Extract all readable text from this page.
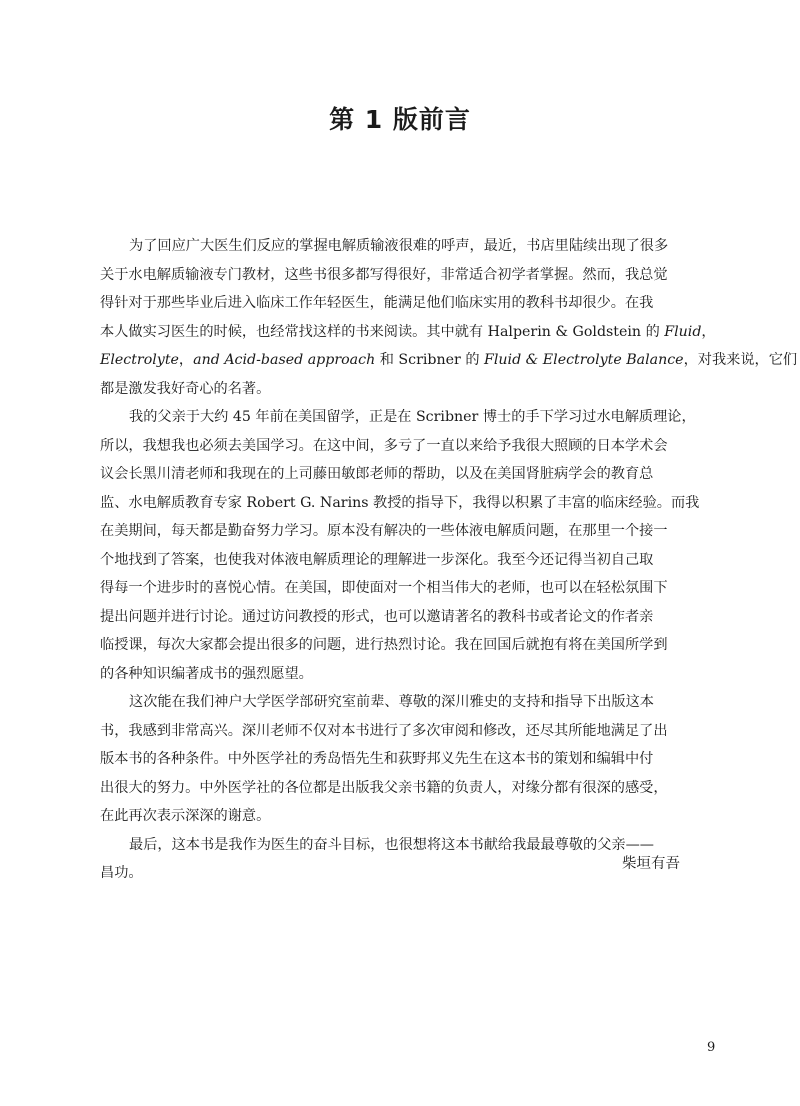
第 1 版前言
为了回应广大医生们反应的掌握电解质输液很难的呼声，最近，书店里陆续出现了很多
关于水电解质输液专门教材，这些书很多都写得很好，非常适合初学者掌握。然而，我总觉
得针对于那些毕业后进入临床工作年轻医生，能满足他们临床实用的教科书却很少。在我
本人做实习医生的时候，也经常找这样的书来阅读。其中就有 Halperin & Goldstein 的 Fluid，
Electrolyte，and Acid-based approach 和 Scribner 的 Fluid & Electrolyte Balance，对我来说，它们
都是激发我好奇心的名著。
我的父亲于大约 45 年前在美国留学，正是在 Scribner 博士的手下学习过水电解质理论，
所以，我想我也必须去美国学习。在这中间，多亏了一直以来给予我很大照顾的日本学术会
议会长黑川清老师和我现在的上司藤田敏郎老师的帮助，以及在美国肾脏病学会的教育总
监、水电解质教育专家 Robert G. Narins 教授的指导下，我得以积累了丰富的临床经验。而我
在美期间，每天都是勤奋努力学习。原本没有解决的一些体液电解质问题，在那里一个接一
个地找到了答案，也使我对体液电解质理论的理解进一步深化。我至今还记得当初自己取
得每一个进步时的喜悦心情。在美国，即使面对一个相当伟大的老师，也可以在轻松氛围下
提出问题并进行讨论。通过访问教授的形式，也可以邀请著名的教科书或者论文的作者亲
临授课，每次大家都会提出很多的问题，进行热烈讨论。我在回国后就抱有将在美国所学到
的各种知识编著成书的强烈愿望。
这次能在我们神户大学医学部研究室前辈、尊敬的深川雅史的支持和指导下出版这本
书，我感到非常高兴。深川老师不仅对本书进行了多次审阅和修改，还尽其所能地满足了出
版本书的各种条件。中外医学社的秀岛悟先生和荻野邦义先生在这本书的策划和编辑中付
出很大的努力。中外医学社的各位都是出版我父亲书籍的负责人，对缘分都有很深的感受，
在此再次表示深深的谢意。
最后，这本书是我作为医生的奋斗目标，也很想将这本书献给我最最尊敬的父亲——
昌功。
柴垣有吾
9
